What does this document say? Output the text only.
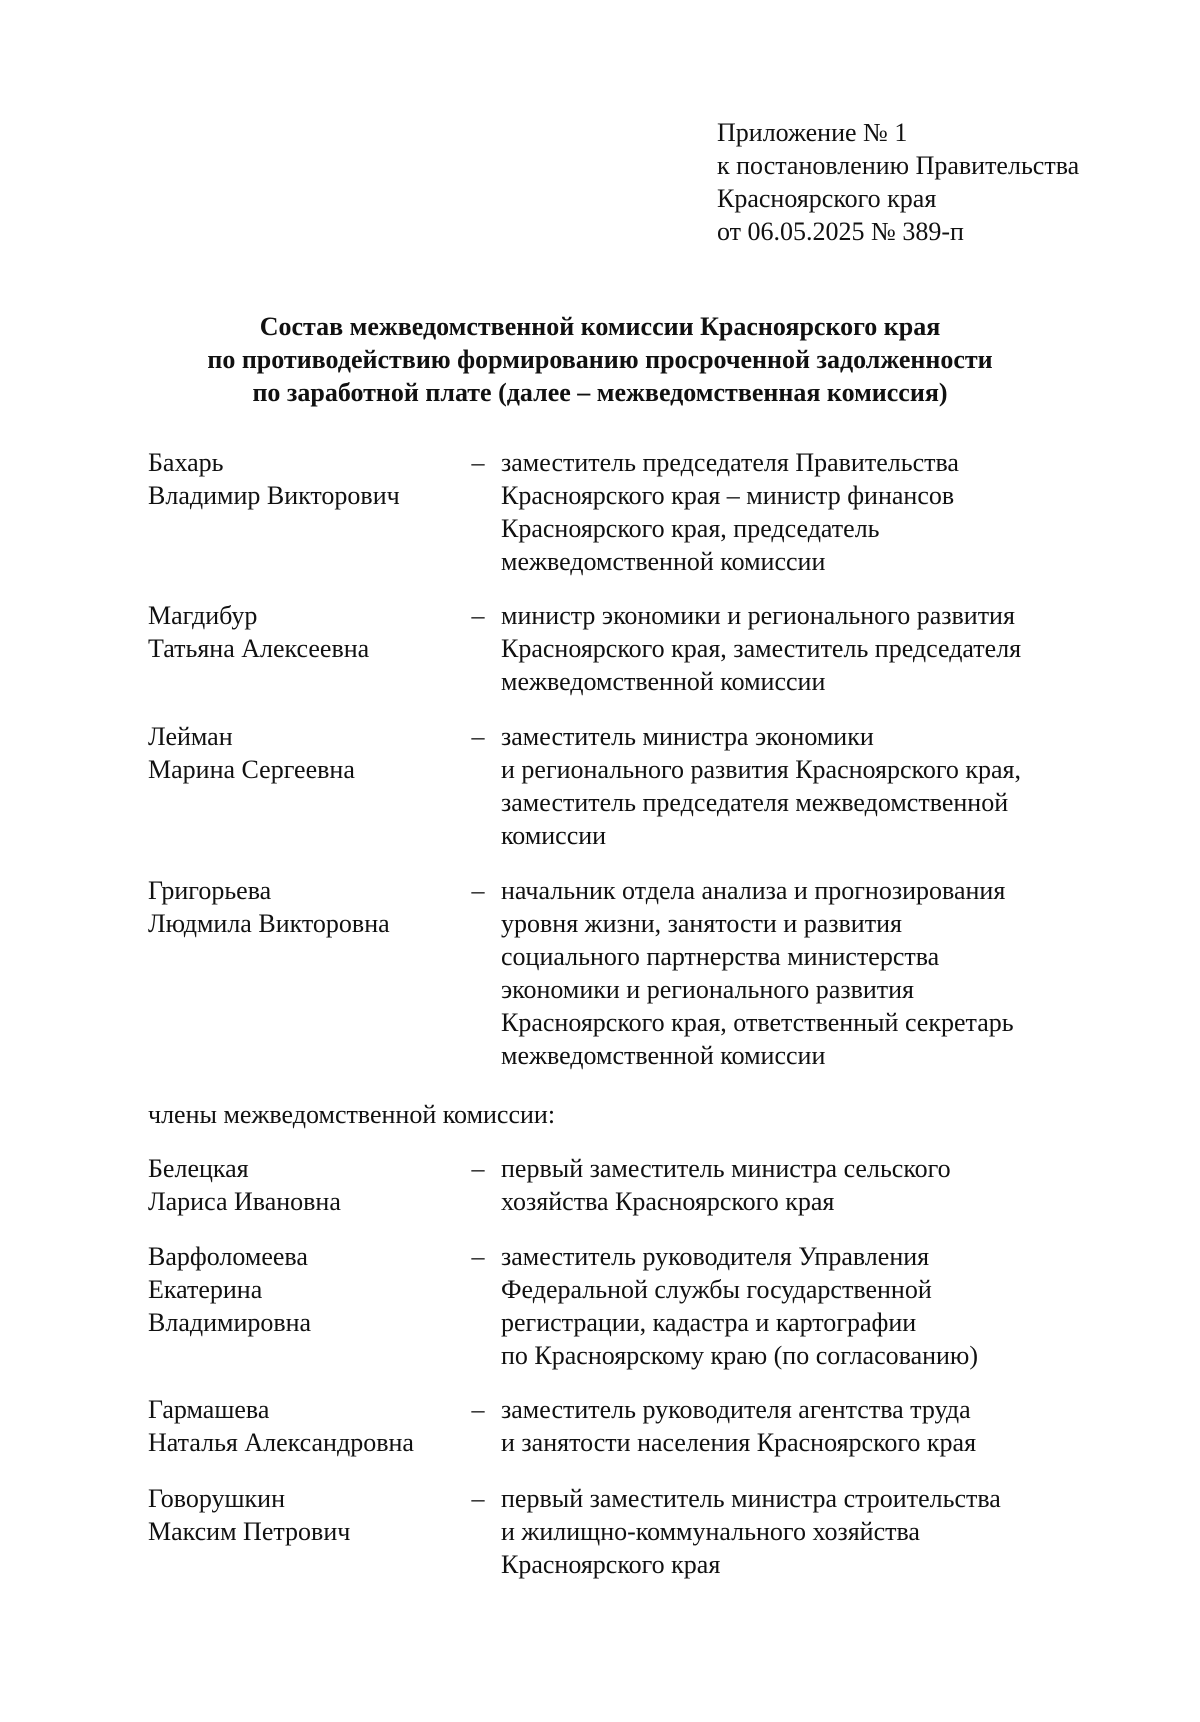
Приложение № 1
к постановлению Правительства
Красноярского края
от 06.05.2025 № 389-п
Состав межведомственной комиссии Красноярского края
по противодействию формированию просроченной задолженности
по заработной плате (далее – межведомственная комиссия)
Бахарь
Владимир Викторович
– заместитель председателя Правительства
Красноярского края – министр финансов
Красноярского края, председатель
межведомственной комиссии
Магдибур
Татьяна Алексеевна
– министр экономики и регионального развития
Красноярского края, заместитель председателя
межведомственной комиссии
Лейман
Марина Сергеевна
– заместитель министра экономики
и регионального развития Красноярского края,
заместитель председателя межведомственной
комиссии
Григорьева
Людмила Викторовна
– начальник отдела анализа и прогнозирования
уровня жизни, занятости и развития
социального партнерства министерства
экономики и регионального развития
Красноярского края, ответственный секретарь
межведомственной комиссии
члены межведомственной комиссии:
Белецкая
Лариса Ивановна
– первый заместитель министра сельского
хозяйства Красноярского края
Варфоломеева
Екатерина
Владимировна
– заместитель руководителя Управления
Федеральной службы государственной
регистрации, кадастра и картографии
по Красноярскому краю (по согласованию)
Гармашева
Наталья Александровна
– заместитель руководителя агентства труда
и занятости населения Красноярского края
Говорушкин
Максим Петрович
– первый заместитель министра строительства
и жилищно-коммунального хозяйства
Красноярского края
